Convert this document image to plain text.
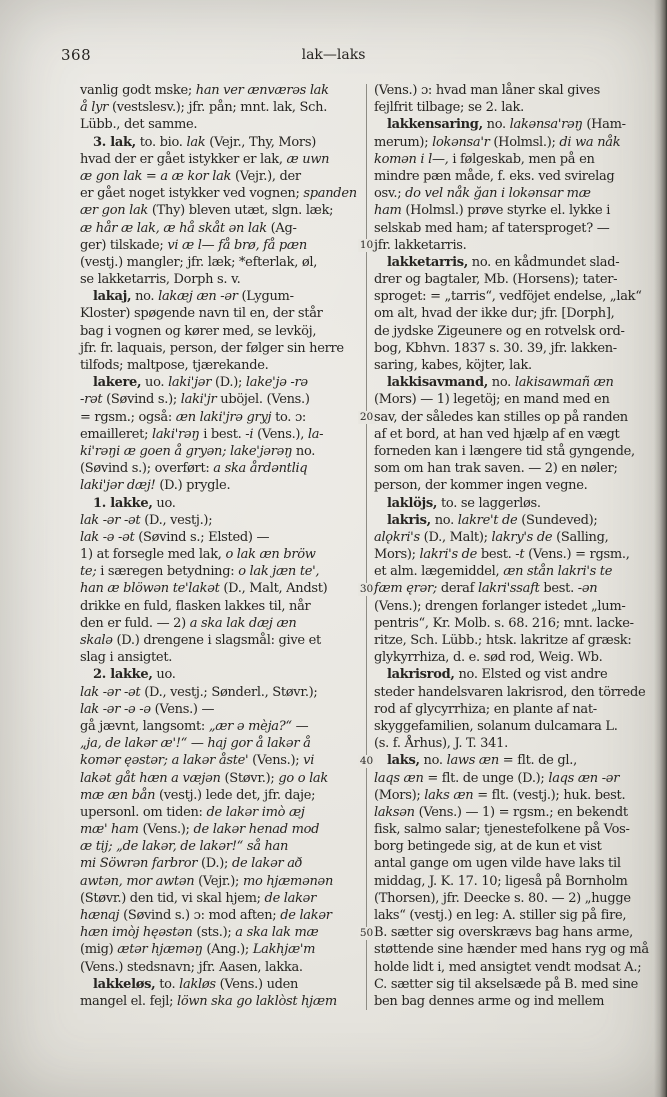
368	lak—laks
vanlig godt mske; han ver ænværəs lak
å lyr (vestslesv.); jfr. pån; mnt. lak, Sch.
Lübb., det samme.
3. lak, to. bio. lak (Vejr., Thy, Mors)
hvad der er gået istykker er lak, æ uwn
æ gon lak = a æ kor lak (Vejr.), der
er gået noget istykker ved vognen; spanden
ær gon lak (Thy) bleven utæt, slgn. læk;
æ hår æ lak, æ hå skåt ən lak (Ag-
ger) tilskade; vi æ l— få brø, få pæn
(vestj.) mangler; jfr. læk; *efterlak, øl,
se lakketarris, Dorph s. v.
lakaj, no. lakæj æn -ər (Lygum-
Kloster) spøgende navn til en, der står
bag i vognen og kører med, se levköj,
jfr. fr. laquais, person, der følger sin herre
tilfods; maltpose, tjærekande.
lakere, uo. laki'jər (D.); lake'jə -rə
-rət (Søvind s.); laki'jr uböjel. (Vens.)
= rgsm.; også: æn laki'jrə gryj to. ɔ:
emailleret; laki'rəŋ i best. -i (Vens.), la-
ki'rəŋi æ goen å gryən; lake'jərəŋ no.
(Søvind s.); overført: a ska årdəntliq
laki'jər dæj! (D.) prygle.
1. lakke, uo.
lak -ər -ət (D., vestj.);
lak -ə -ət (Søvind s.; Elsted) —
1) at forsegle med lak, o lak æn bröw
te; i særegen betydning: o lak jæn te',
han æ blöwən te'lakət (D., Malt, Andst)
drikke en fuld, flasken lakkes til, når
den er fuld. — 2) a ska lak dæj æn
skalə (D.) drengene i slagsmål: give et
slag i ansigtet.
2. lakke, uo.
lak -ər -ət (D., vestj.; Sønderl., Støvr.);
lak -ər -ə -ə (Vens.) —
gå jævnt, langsomt: „ær ə mèja?“ —
„ja, de lakər æ'!“ — haj gor å lakər å
komər ęəstər; a lakər åste' (Vens.); vi
lakət gåt hæn a væjən (Støvr.); go o lak
mæ æn bån (vestj.) lede det, jfr. daje;
upersonl. om tiden: de lakər imò æj
mæ' ham (Vens.); de lakər henad mod
æ tij; „de lakər, de lakər!“ så han
mi Söwrən farbror (D.); de lakər að
awtən, mor awtən (Vejr.); mo hjæmənən
(Støvr.) den tid, vi skal hjem; de lakər
hænaj (Søvind s.) ɔ: mod aften; de lakər
hæn imòj hęəstən (sts.); a ska lak mæ
(mig) ætər hjæməŋ (Ang.); Lakhjæ'm
(Vens.) stedsnavn; jfr. Aasen, lakka.
lakkeløs, to. lakløs (Vens.) uden
mangel el. fejl; löwn ska go laklòst hjæm
10
20
30
40
50
(Vens.) ɔ: hvad man låner skal gives
fejlfrit tilbage; se 2. lak.
lakkensaring, no. lakənsa'rəŋ (Ham-
merum); lokənsa'r (Holmsl.); di wa nåk
komən i l—, i følgeskab, men på en
mindre pæn måde, f. eks. ved svirelag
osv.; do vel nåk ğan i lokənsar mæ
ham (Holmsl.) prøve styrke el. lykke i
selskab med ham; af tatersproget? —
jfr. lakketarris.
lakketarris, no. en kådmundet slad-
drer og bagtaler, Mb. (Horsens); tater-
sproget: = „tarris“, vedföjet endelse, „lak“
om alt, hvad der ikke dur; jfr. [Dorph],
de jydske Zigeunere og en rotvelsk ord-
bog, Kbhvn. 1837 s. 30. 39, jfr. lakken-
saring, kabes, köjter, lak.
lakkisavmand, no. lakisawmañ æn
(Mors) — 1) legetöj; en mand med en
sav, der således kan stilles op på randen
af et bord, at han ved hjælp af en vægt
forneden kan i længere tid stå gyngende,
som om han trak saven. — 2) en nøler;
person, der kommer ingen vegne.
laklöjs, to. se laggerløs.
lakris, no. lakre't de (Sundeved);
alǫkri's (D., Malt); lakry's de (Salling,
Mors); lakri's de best. -t (Vens.) = rgsm.,
et alm. lægemiddel, æn stån lakri's te
fæm ęrər; deraf lakri'ssaft best. -ən
(Vens.); drengen forlanger istedet „lum-
pentris“, Kr. Molb. s. 68. 216; mnt. lacke-
ritze, Sch. Lübb.; htsk. lakritze af græsk:
glykyrrhiza, d. e. sød rod, Weig. Wb.
lakrisrod, no. Elsted og vist andre
steder handelsvaren lakrisrod, den törrede
rod af glycyrrhiza; en plante af nat-
skyggefamilien, solanum dulcamara L.
(s. f. Århus), J. T. 341.
laks, no. laws æn = flt. de gl.,
laqs æn = flt. de unge (D.); laqs æn -ər
(Mors); laks æn = flt. (vestj.); huk. best.
laksən (Vens.) — 1) = rgsm.; en bekendt
fisk, salmo salar; tjenestefolkene på Vos-
borg betingede sig, at de kun et vist
antal gange om ugen vilde have laks til
middag, J. K. 17. 10; ligeså på Bornholm
(Thorsen), jfr. Deecke s. 80. — 2) „hugge
laks“ (vestj.) en leg: A. stiller sig på fire,
B. sætter sig overskrævs bag hans arme,
støttende sine hænder med hans ryg og må
holde lidt i, med ansigtet vendt modsat A.;
C. sætter sig til akselsæde på B. med sine
ben bag dennes arme og ind mellem
